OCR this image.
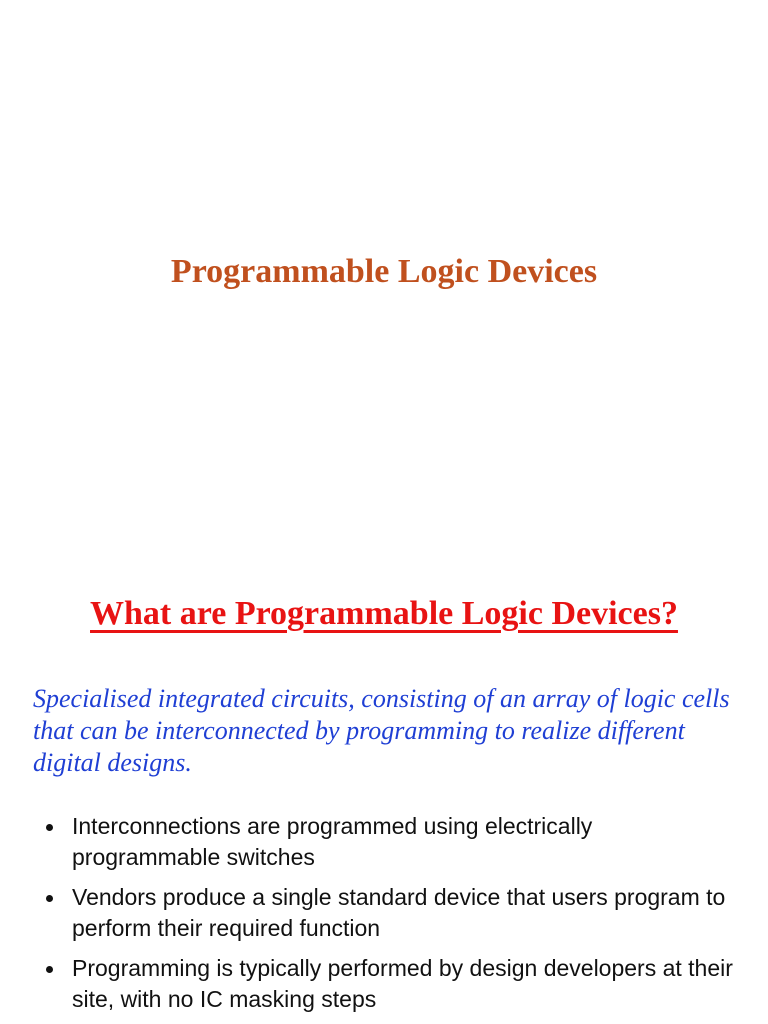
Programmable Logic Devices
What are Programmable Logic Devices?

Specialised integrated circuits, consisting of an array of logic cells that can be interconnected by programming to realize different digital designs.

Interconnections are programmed using electrically programmable switches
Vendors produce a single standard device that users program to perform their required function
Programming is typically performed by design developers at their site, with no IC masking steps
